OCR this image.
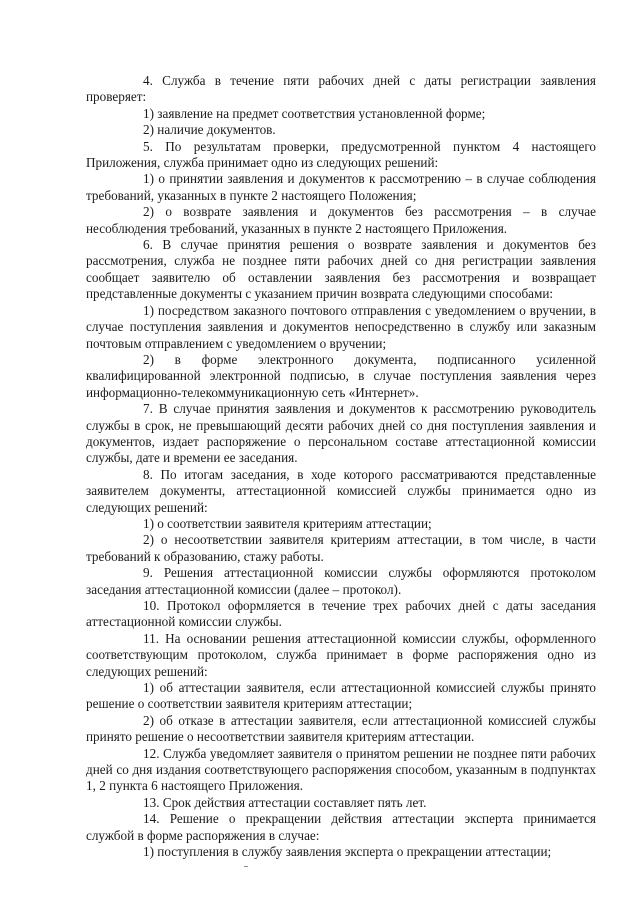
4. Служба в течение пяти рабочих дней с даты регистрации заявления проверяет:

1) заявление на предмет соответствия установленной форме;

2) наличие документов.

5. По результатам проверки, предусмотренной пунктом 4 настоящего Приложения, служба принимает одно из следующих решений:

1) о принятии заявления и документов к рассмотрению – в случае соблюдения требований, указанных в пункте 2 настоящего Положения;

2) о возврате заявления и документов без рассмотрения – в случае несоблюдения требований, указанных в пункте 2 настоящего Приложения.

6. В случае принятия решения о возврате заявления и документов без рассмотрения, служба не позднее пяти рабочих дней со дня регистрации заявления сообщает заявителю об оставлении заявления без рассмотрения и возвращает представленные документы с указанием причин возврата следующими способами:

1) посредством заказного почтового отправления с уведомлением о вручении, в случае поступления заявления и документов непосредственно в службу или заказным почтовым отправлением с уведомлением о вручении;

2) в форме электронного документа, подписанного усиленной квалифицированной электронной подписью, в случае поступления заявления через информационно-телекоммуникационную сеть «Интернет».

7. В случае принятия заявления и документов к рассмотрению руководитель службы в срок, не превышающий десяти рабочих дней со дня поступления заявления и документов, издает распоряжение о персональном составе аттестационной комиссии службы, дате и времени ее заседания.

8. По итогам заседания, в ходе которого рассматриваются представленные заявителем документы, аттестационной комиссией службы принимается одно из следующих решений:

1) о соответствии заявителя критериям аттестации;

2) о несоответствии заявителя критериям аттестации, в том числе, в части требований к образованию, стажу работы.

9. Решения аттестационной комиссии службы оформляются протоколом заседания аттестационной комиссии (далее – протокол).

10. Протокол оформляется в течение трех рабочих дней с даты заседания аттестационной комиссии службы.

11. На основании решения аттестационной комиссии службы, оформленного соответствующим протоколом, служба принимает в форме распоряжения одно из следующих решений:

1) об аттестации заявителя, если аттестационной комиссией службы принято решение о соответствии заявителя критериям аттестации;

2) об отказе в аттестации заявителя, если аттестационной комиссией службы принято решение о несоответствии заявителя критериям аттестации.

12. Служба уведомляет заявителя о принятом решении не позднее пяти рабочих дней со дня издания соответствующего распоряжения способом, указанным в подпунктах 1, 2 пункта 6 настоящего Приложения.

13. Срок действия аттестации составляет пять лет.

14. Решение о прекращении действия аттестации эксперта принимается службой в форме распоряжения в случае:

1) поступления в службу заявления эксперта о прекращении аттестации;
